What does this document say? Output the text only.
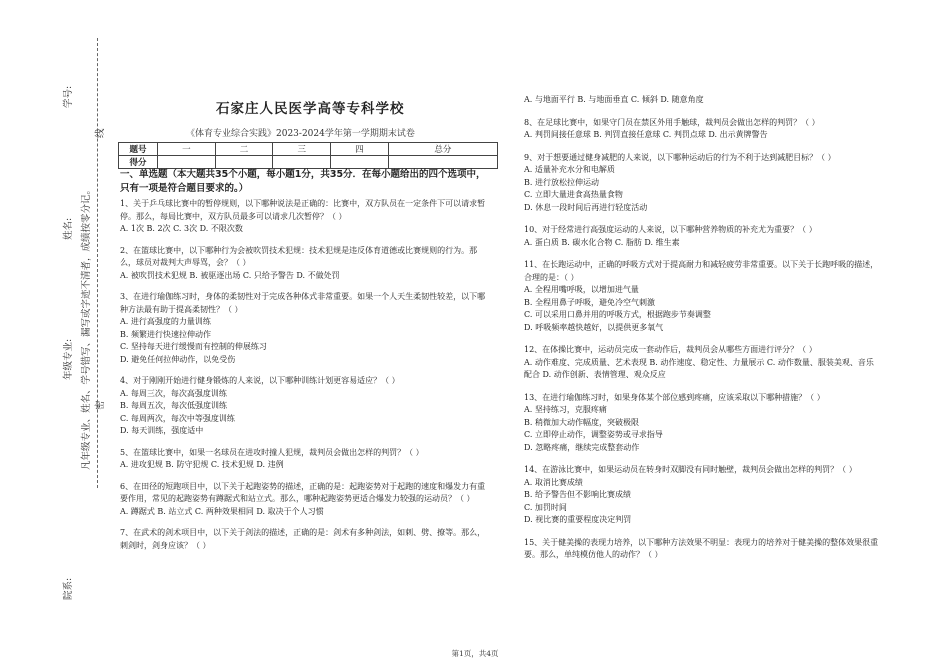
学号:
线
凡年级专业、姓名、学号错写、漏写或字迹不清者，成绩按零分记。
姓名:
年级专业:
密
院系:
石家庄人民医学高等专科学校
《体育专业综合实践》2023-2024学年第一学期期末试卷
题号	一	二	三	四	总分
得分					
一、单选题（本大题共35个小题，每小题1分，共35分．在每小题给出的四个选项中，只有一项是符合题目要求的。）
1、关于乒乓球比赛中的暂停规则，以下哪种说法是正确的：比赛中，双方队员在一定条件下可以请求暂停。那么，每局比赛中，双方队员最多可以请求几次暂停？（ ）
A. 1次 B. 2次 C. 3次 D. 不限次数
2、在篮球比赛中，以下哪种行为会被吹罚技术犯规：技术犯规是违反体育道德或比赛规则的行为。那么，球员对裁判大声辱骂，会？（ ）
A. 被吹罚技术犯规 B. 被驱逐出场 C. 只给予警告 D. 不做处罚
3、在进行瑜伽练习时，身体的柔韧性对于完成各种体式非常重要。如果一个人天生柔韧性较差，以下哪种方法最有助于提高柔韧性？（ ）
A. 进行高强度的力量训练
B. 频繁进行快速拉伸动作
C. 坚持每天进行缓慢而有控制的伸展练习
D. 避免任何拉伸动作，以免受伤
4、对于刚刚开始进行健身锻炼的人来说，以下哪种训练计划更容易适应？（ ）
A. 每周三次，每次高强度训练
B. 每周五次，每次低强度训练
C. 每周两次，每次中等强度训练
D. 每天训练，强度适中
5、在篮球比赛中，如果一名球员在进攻时撞人犯规，裁判员会做出怎样的判罚？（ ）
A. 进攻犯规 B. 防守犯规 C. 技术犯规 D. 违例
6、在田径的短跑项目中，以下关于起跑姿势的描述，正确的是：起跑姿势对于起跑的速度和爆发力有重要作用，常见的起跑姿势有蹲踞式和站立式。那么，哪种起跑姿势更适合爆发力较强的运动员？（ ）
A. 蹲踞式 B. 站立式 C. 两种效果相同 D. 取决于个人习惯
7、在武术的剑术项目中，以下关于剑法的描述，正确的是：剑术有多种剑法，如刺、劈、撩等。那么，刺剑时，剑身应该？（ ）
A. 与地面平行 B. 与地面垂直 C. 倾斜 D. 随意角度
8、在足球比赛中，如果守门员在禁区外用手触球，裁判员会做出怎样的判罚？（ ）
A. 判罚间接任意球 B. 判罚直接任意球 C. 判罚点球 D. 出示黄牌警告
9、对于想要通过健身减肥的人来说，以下哪种运动后的行为不利于达到减肥目标？（ ）
A. 适量补充水分和电解质
B. 进行放松拉伸运动
C. 立即大量进食高热量食物
D. 休息一段时间后再进行轻度活动
10、对于经常进行高强度运动的人来说，以下哪种营养物质的补充尤为重要？（ ）
A. 蛋白质 B. 碳水化合物 C. 脂肪 D. 维生素
11、在长跑运动中，正确的呼吸方式对于提高耐力和减轻疲劳非常重要。以下关于长跑呼吸的描述，合理的是：（ ）
A. 全程用嘴呼吸，以增加进气量
B. 全程用鼻子呼吸，避免冷空气刺激
C. 可以采用口鼻并用的呼吸方式，根据跑步节奏调整
D. 呼吸频率越快越好，以提供更多氧气
12、在体操比赛中，运动员完成一套动作后，裁判员会从哪些方面进行评分？（ ）
A. 动作难度、完成质量、艺术表现 B. 动作速度、稳定性、力量展示 C. 动作数量、服装美观、音乐配合 D. 动作创新、表情管理、观众反应
13、在进行瑜伽练习时，如果身体某个部位感到疼痛，应该采取以下哪种措施？（ ）
A. 坚持练习，克服疼痛
B. 稍微加大动作幅度，突破极限
C. 立即停止动作，调整姿势或寻求指导
D. 忽略疼痛，继续完成整套动作
14、在游泳比赛中，如果运动员在转身时双脚没有同时触壁，裁判员会做出怎样的判罚？（ ）
A. 取消比赛成绩
B. 给予警告但不影响比赛成绩
C. 加罚时间
D. 视比赛的重要程度决定判罚
15、关于健美操的表现力培养，以下哪种方法效果不明显：表现力的培养对于健美操的整体效果很重要。那么，单纯模仿他人的动作？（ ）
第1页，共4页
